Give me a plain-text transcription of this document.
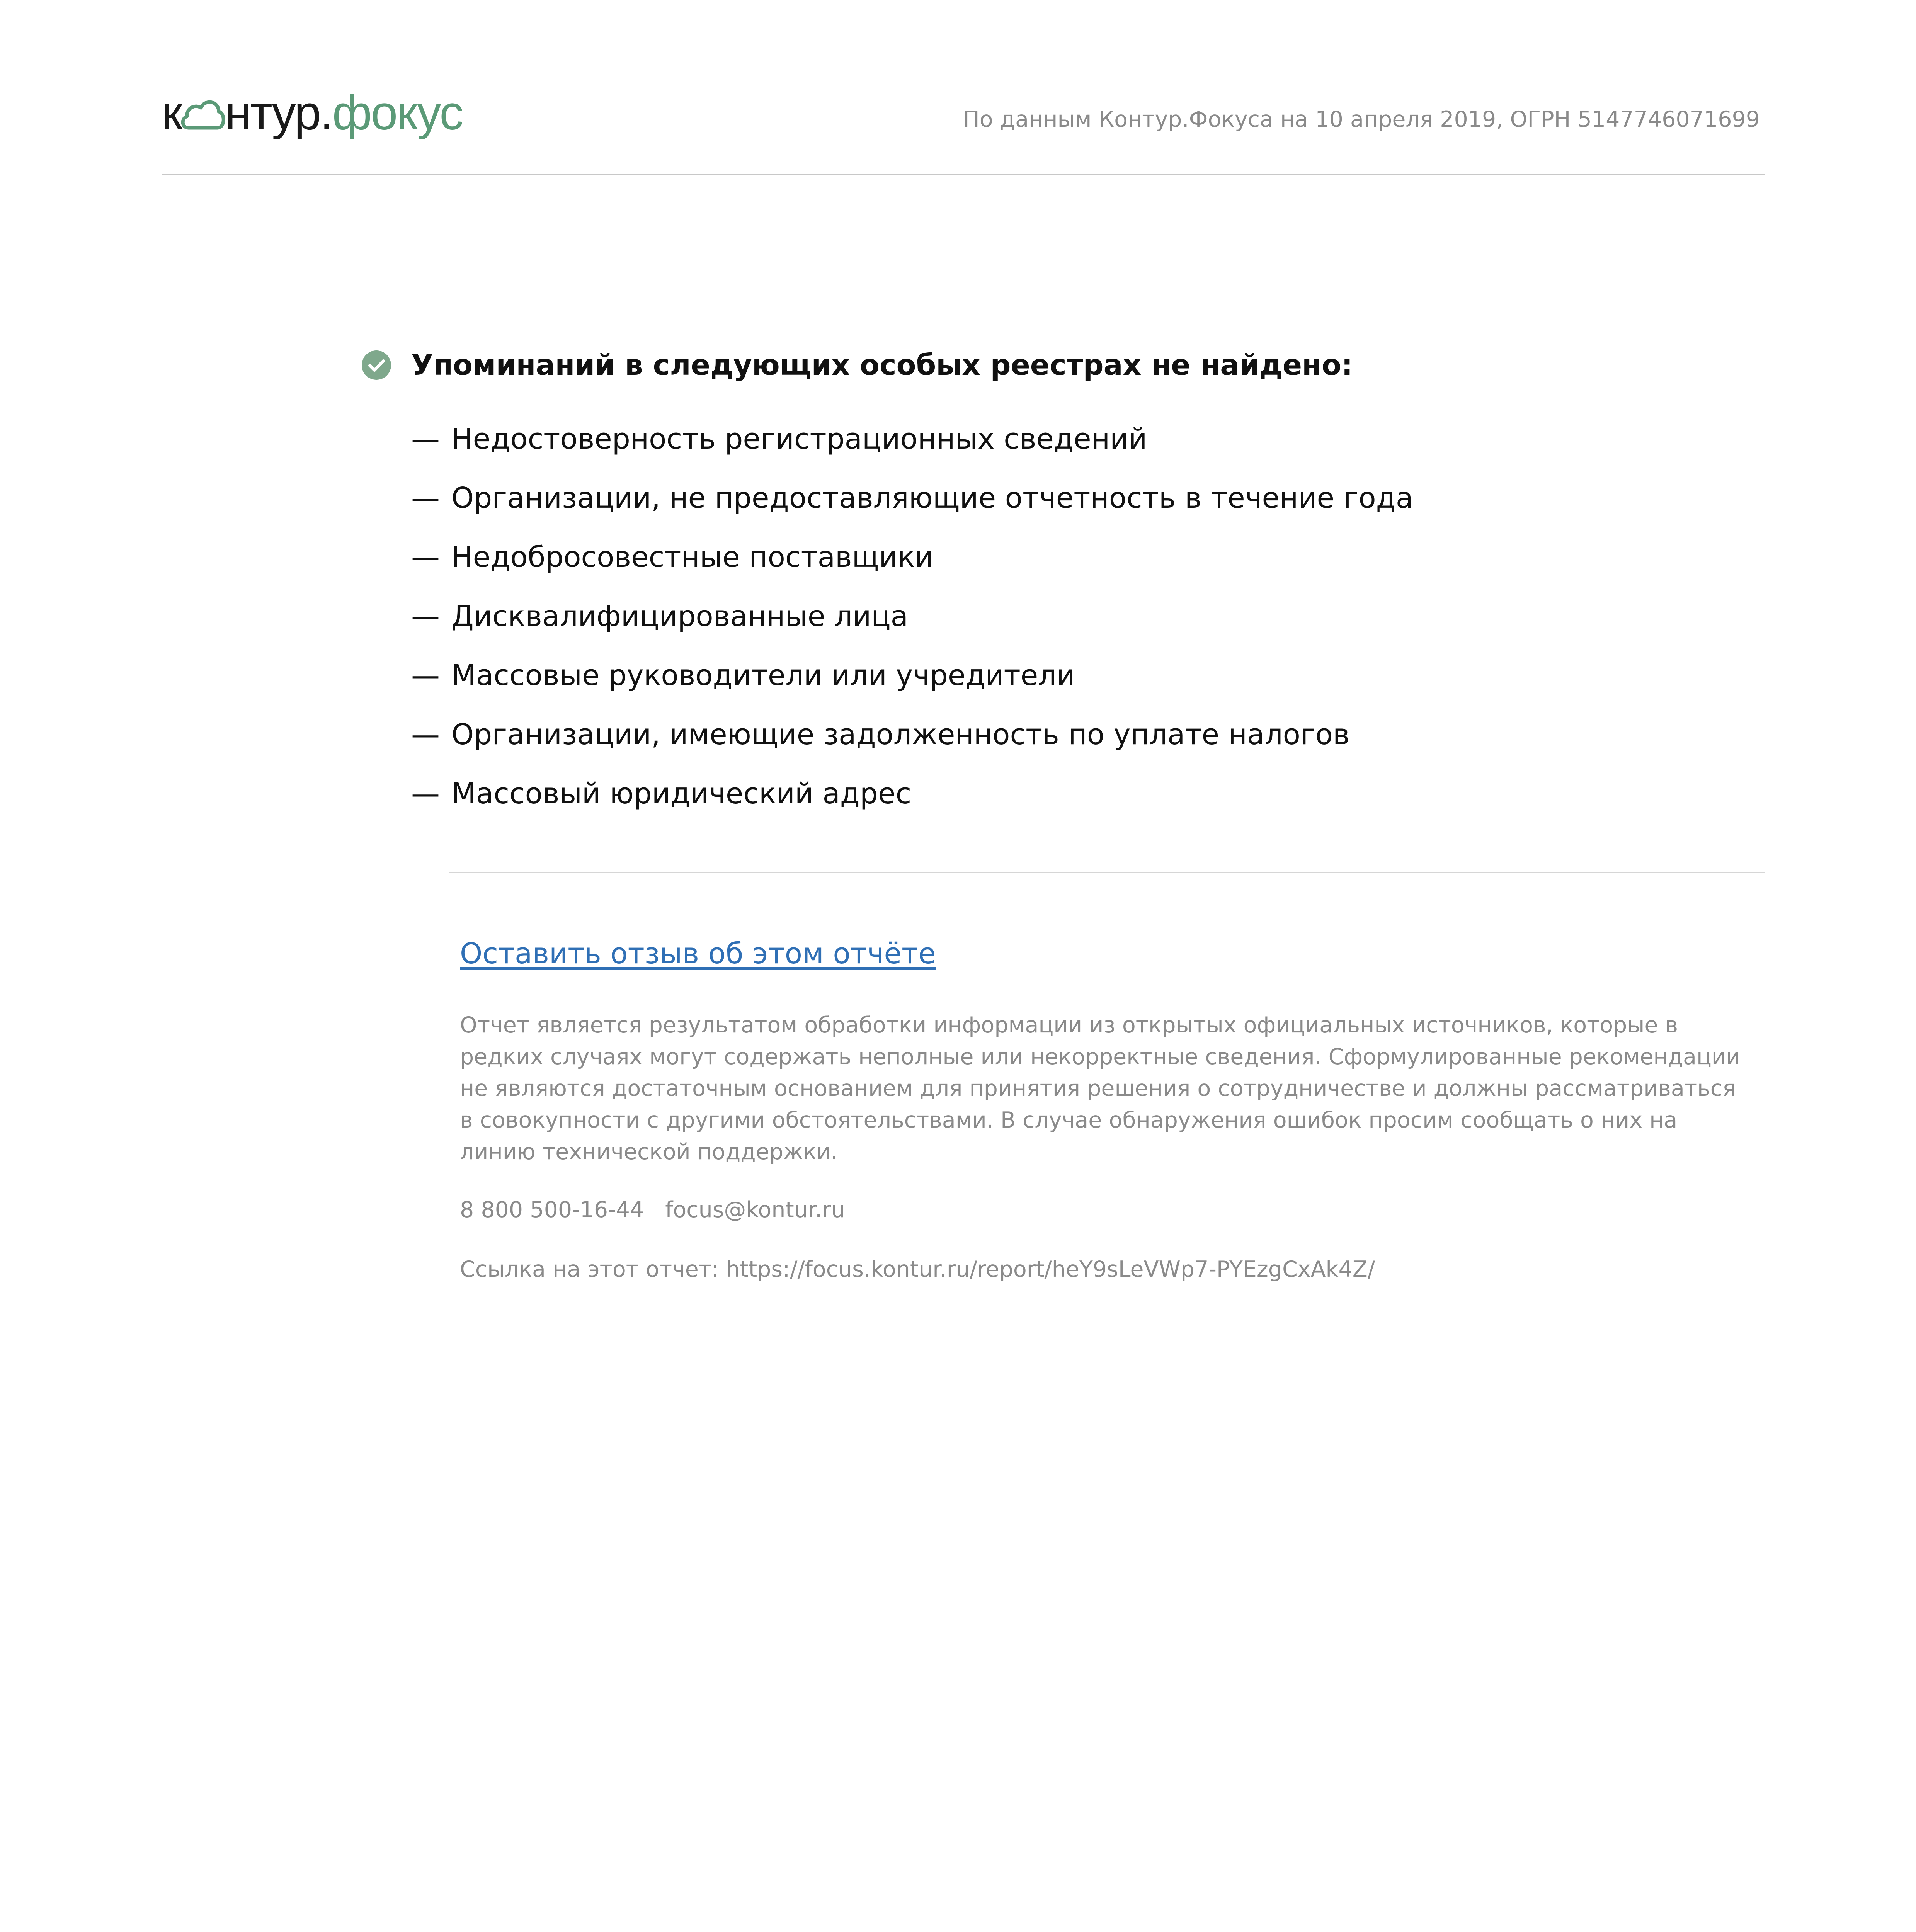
к нтур.фокус	По данным Контур.Фокуса на 10 апреля 2019, ОГРН 5147746071699
Упоминаний в следующих особых реестрах не найдено:
— Недостоверность регистрационных сведений
— Организации, не предоставляющие отчетность в течение года
— Недобросовестные поставщики
— Дисквалифицированные лица
— Массовые руководители или учредители
— Организации, имеющие задолженность по уплате налогов
— Массовый юридический адрес
Оставить отзыв об этом отчёте
Отчет является результатом обработки информации из открытых официальных источников, которые в редких случаях могут содержать неполные или некорректные сведения. Сформулированные рекомендации не являются достаточным основанием для принятия решения о сотрудничестве и должны рассматриваться в совокупности с другими обстоятельствами. В случае обнаружения ошибок просим сообщать о них на линию технической поддержки.
8 800 500-16-44 focus@kontur.ru
Ссылка на этот отчет: https://focus.kontur.ru/report/heY9sLeVWp7-PYEzgCxAk4Z/
